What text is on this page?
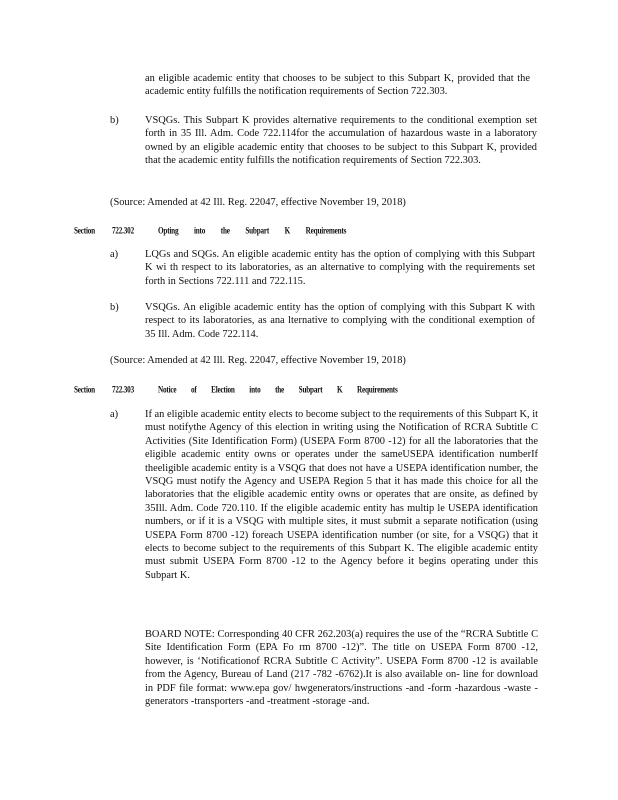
an eligible academic entity that chooses to be subject to this Subpart K, provided that the academic entity fulfills the notification requirements of Section 722.303.

b)	VSQGs. This Subpart K provides alternative requirements to the conditional exemption set forth in 35 Ill. Adm. Code 722.114for the accumulation of hazardous waste in a laboratory owned by an eligible academic entity that chooses to be subject to this Subpart K, provided that the academic entity fulfills the notification requirements of Section 722.303.

(Source: Amended at 42 Ill. Reg. 22047, effective November 19, 2018)
Section 722.302	Opting into the Subpart K Requirements
a)	LQGs and SQGs. An eligible academic entity has the option of complying with this Subpart K wi th respect to its laboratories, as an alternative to complying with the requirements set forth in Sections 722.111 and 722.115.

b)	VSQGs. An eligible academic entity has the option of complying with this Subpart K with respect to its laboratories, as ana lternative to complying with the conditional exemption of 35 Ill. Adm. Code 722.114.

(Source: Amended at 42 Ill. Reg. 22047, effective November 19, 2018)
Section 722.303	Notice of Election into the Subpart K Requirements
a)	If an eligible academic entity elects to become subject to the requirements of this Subpart K, it must notifythe Agency of this election in writing using the Notification of RCRA Subtitle C Activities (Site Identification Form) (USEPA Form 8700 -12) for all the laboratories that the eligible academic entity owns or operates under the sameUSEPA identification numberIf theeligible academic entity is a VSQG that does not have a USEPA identification number, the VSQG must notify the Agency and USEPA Region 5 that it has made this choice for all the laboratories that the eligible academic entity owns or operates that are onsite, as defined by 35Ill. Adm. Code 720.110. If the eligible academic entity has multip le USEPA identification numbers, or if it is a VSQG with multiple sites, it must submit a separate notification (using USEPA Form 8700 -12) foreach USEPA identification number (or site, for a VSQG) that it elects to become subject to the requirements of this Subpart K. The eligible academic entity must submit USEPA Form 8700 -12 to the Agency before it begins operating under this Subpart K.

BOARD NOTE: Corresponding 40 CFR 262.203(a) requires the use of the “RCRA Subtitle C Site Identification Form (EPA Fo rm 8700 -12)”. The title on USEPA Form 8700 -12, however, is ‘Notificationof RCRA Subtitle C Activity”. USEPA Form 8700 -12 is available from the Agency, Bureau of Land (217 -782 -6762).It is also available on- line for download in PDF file format: www.epa gov/ hwgenerators/instructions -and -form -hazardous -waste -generators -transporters -and -treatment -storage -and.
